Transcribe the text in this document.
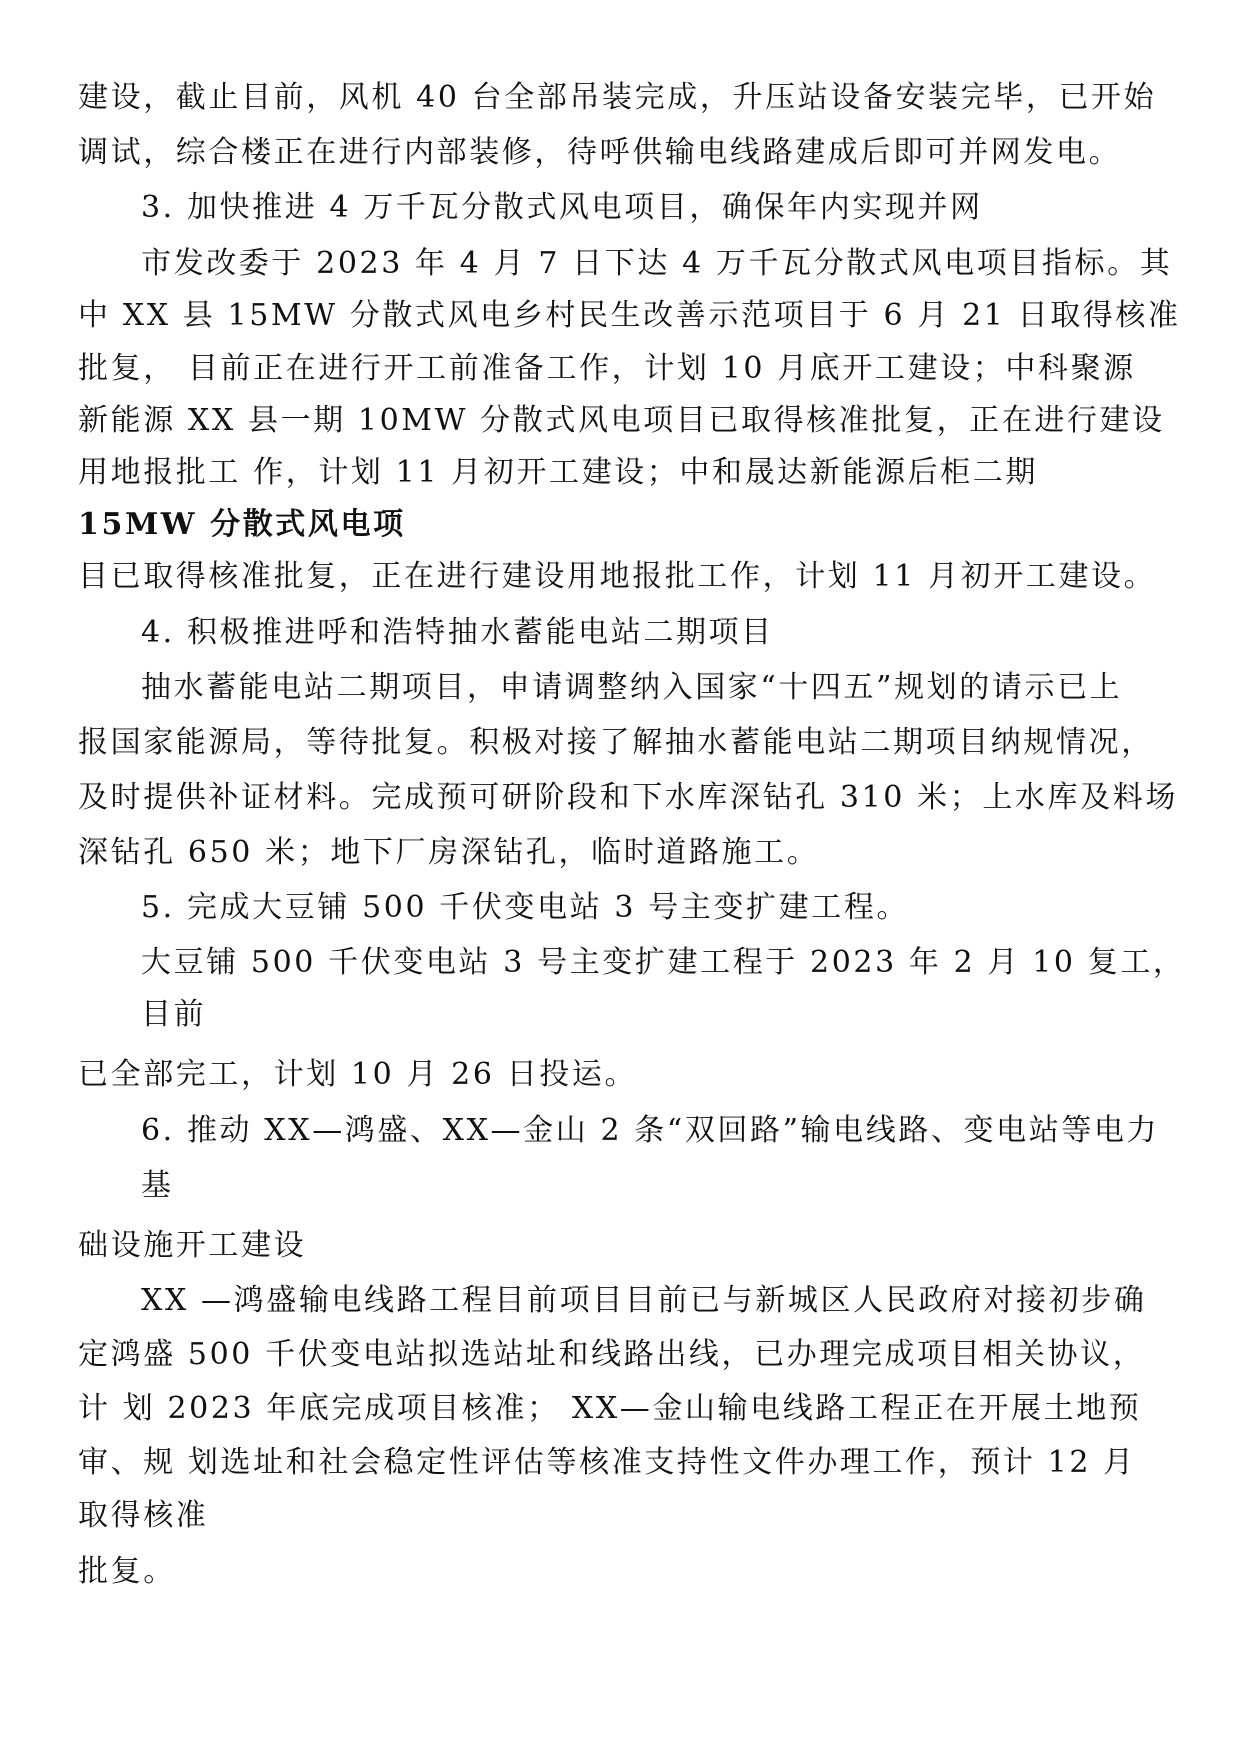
建设，截止目前，风机 40 台全部吊装完成，升压站设备安装完毕，已开始
调试，综合楼正在进行内部装修，待呼供输电线路建成后即可并网发电。
3. 加快推进 4 万千瓦分散式风电项目，确保年内实现并网
市发改委于 2023 年 4 月 7 日下达 4 万千瓦分散式风电项目指标。其
中 XX 县 15MW 分散式风电乡村民生改善示范项目于 6 月 21 日取得核准
批复， 目前正在进行开工前准备工作，计划 10 月底开工建设；中科聚源
新能源 XX 县一期 10MW 分散式风电项目已取得核准批复，正在进行建设
用地报批工 作，计划 11 月初开工建设；中和晟达新能源后柜二期
15MW 分散式风电项
目已取得核准批复，正在进行建设用地报批工作，计划 11 月初开工建设。
4. 积极推进呼和浩特抽水蓄能电站二期项目
抽水蓄能电站二期项目，申请调整纳入国家“十四五”规划的请示已上
报国家能源局，等待批复。积极对接了解抽水蓄能电站二期项目纳规情况，
及时提供补证材料。完成预可研阶段和下水库深钻孔 310 米；上水库及料场
深钻孔 650 米；地下厂房深钻孔，临时道路施工。
5. 完成大豆铺 500 千伏变电站 3 号主变扩建工程。
大豆铺 500 千伏变电站 3 号主变扩建工程于 2023 年 2 月 10 复工，
目前
已全部完工，计划 10 月 26 日投运。
6. 推动 XX—鸿盛、XX—金山 2 条“双回路”输电线路、变电站等电力
基
础设施开工建设
XX —鸿盛输电线路工程目前项目目前已与新城区人民政府对接初步确
定鸿盛 500 千伏变电站拟选站址和线路出线，已办理完成项目相关协议，
计 划 2023 年底完成项目核准； XX—金山输电线路工程正在开展土地预
审、规 划选址和社会稳定性评估等核准支持性文件办理工作，预计 12 月
取得核准
批复。
